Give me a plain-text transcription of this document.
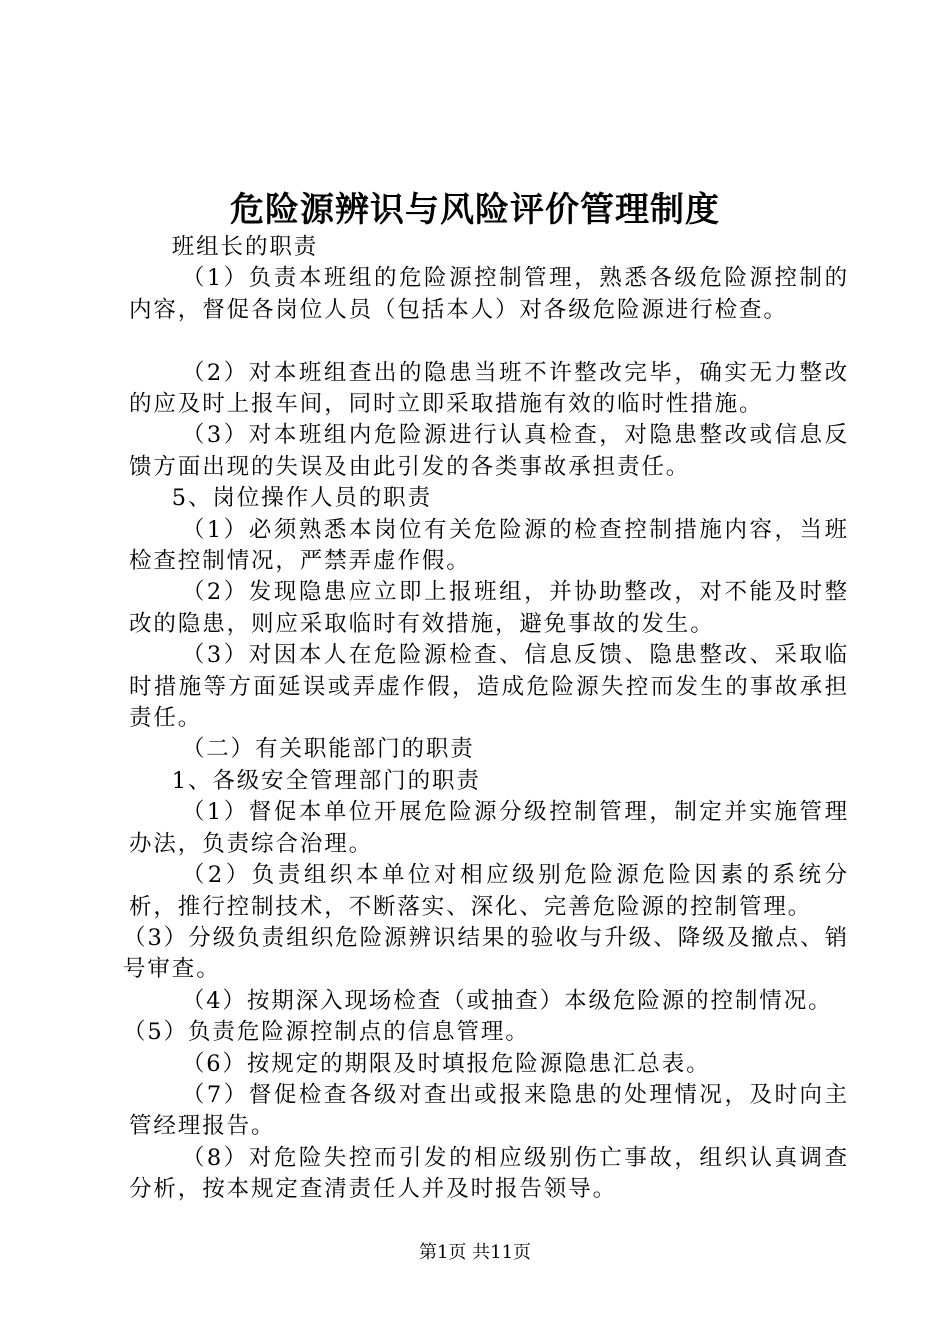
危险源辨识与风险评价管理制度

班组长的职责

（1）负责本班组的危险源控制管理，熟悉各级危险源控制的内容，督促各岗位人员（包括本人）对各级危险源进行检查。

（2）对本班组查出的隐患当班不许整改完毕，确实无力整改的应及时上报车间，同时立即采取措施有效的临时性措施。

（3）对本班组内危险源进行认真检查，对隐患整改或信息反馈方面出现的失误及由此引发的各类事故承担责任。

5、岗位操作人员的职责

（1）必须熟悉本岗位有关危险源的检查控制措施内容，当班检查控制情况，严禁弄虚作假。

（2）发现隐患应立即上报班组，并协助整改，对不能及时整改的隐患，则应采取临时有效措施，避免事故的发生。

（3）对因本人在危险源检查、信息反馈、隐患整改、采取临时措施等方面延误或弄虚作假，造成危险源失控而发生的事故承担责任。

（二）有关职能部门的职责

1、各级安全管理部门的职责

（1）督促本单位开展危险源分级控制管理，制定并实施管理办法，负责综合治理。

（2）负责组织本单位对相应级别危险源危险因素的系统分析，推行控制技术，不断落实、深化、完善危险源的控制管理。

（3）分级负责组织危险源辨识结果的验收与升级、降级及撤点、销号审查。

（4）按期深入现场检查（或抽查）本级危险源的控制情况。

（5）负责危险源控制点的信息管理。

（6）按规定的期限及时填报危险源隐患汇总表。

（7）督促检查各级对查出或报来隐患的处理情况，及时向主管经理报告。

（8）对危险失控而引发的相应级别伤亡事故，组织认真调查分析，按本规定查清责任人并及时报告领导。

第1页 共11页
